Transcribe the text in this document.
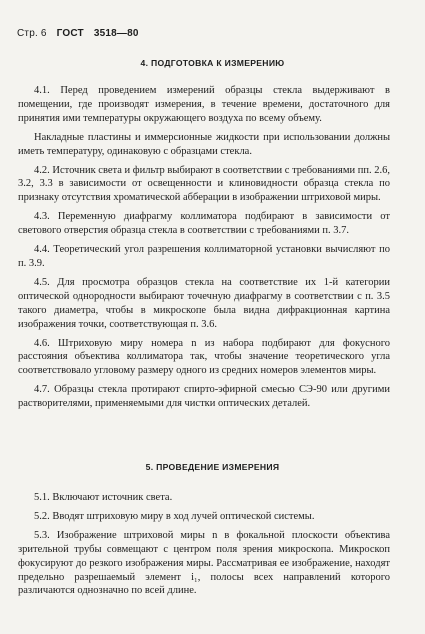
Стр. 6 ГОСТ 3518—80
4. ПОДГОТОВКА К ИЗМЕРЕНИЮ

4.1. Перед проведением измерений образцы стекла выдерживают в помещении, где производят измерения, в течение времени, достаточного для принятия ими температуры окружающего воздуха по всему объему.

Накладные пластины и иммерсионные жидкости при использовании должны иметь температуру, одинаковую с образцами стекла.

4.2. Источник света и фильтр выбирают в соответствии с требованиями пп. 2.6, 3.2, 3.3 в зависимости от освещенности и клиновидности образца стекла по признаку отсутствия хроматической абберации в изображении штриховой миры.

4.3. Переменную диафрагму коллиматора подбирают в зависимости от светового отверстия образца стекла в соответствии с требованиями п. 3.7.

4.4. Теоретический угол разрешения коллиматорной установки вычисляют по п. 3.9.

4.5. Для просмотра образцов стекла на соответствие их 1-й категории оптической однородности выбирают точечную диафрагму в соответствии с п. 3.5 такого диаметра, чтобы в микроскопе была видна дифракционная картина изображения точки, соответствующая п. 3.6.

4.6. Штриховую миру номера n из набора подбирают для фокусного расстояния объектива коллиматора так, чтобы значение теоретического угла соответствовало угловому размеру одного из средних номеров элементов миры.

4.7. Образцы стекла протирают спирто-эфирной смесью СЭ-90 или другими растворителями, применяемыми для чистки оптических деталей.

5. ПРОВЕДЕНИЕ ИЗМЕРЕНИЯ

5.1. Включают источник света.

5.2. Вводят штриховую миру в ход лучей оптической системы.

5.3. Изображение штриховой миры n в фокальной плоскости объектива зрительной трубы совмещают с центром поля зрения микроскопа. Микроскоп фокусируют до резкого изображения миры. Рассматривая ее изображение, находят предельно разрешаемый элемент i₁, полосы всех направлений которого различаются однозначно по всей длине.
